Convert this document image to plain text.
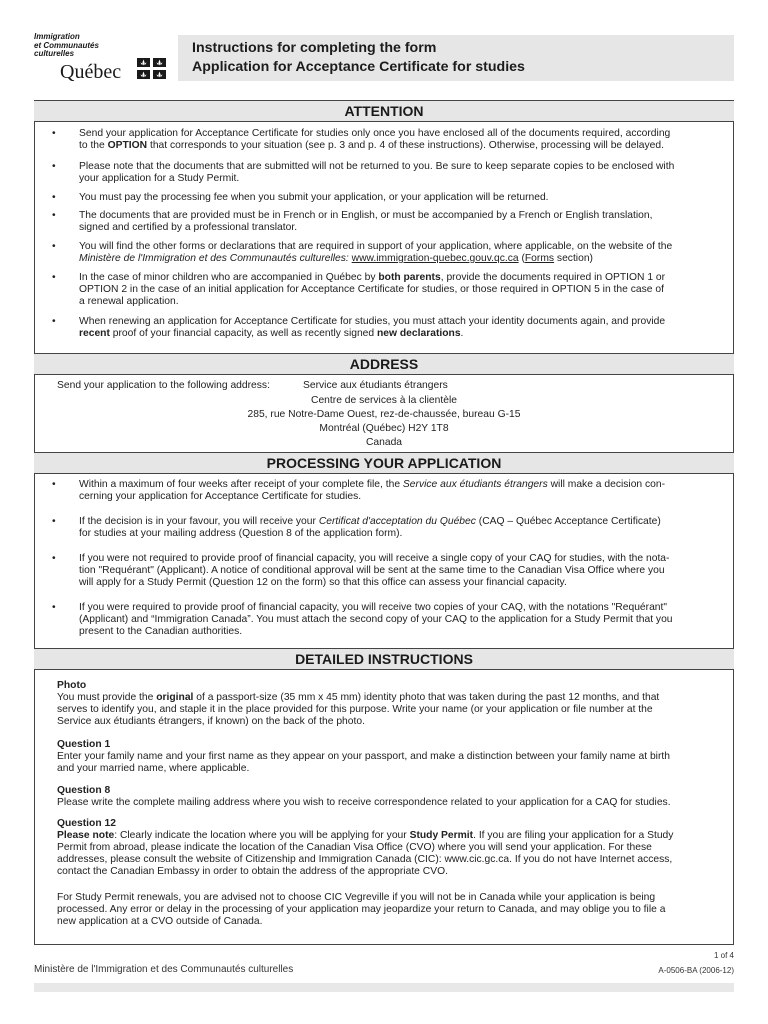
Immigration
et Communautés
culturelles
Québec
Instructions for completing the form
Application for Acceptance Certificate for studies
ATTENTION
• Send your application for Acceptance Certificate for studies only once you have enclosed all of the documents required, according
to the OPTION that corresponds to your situation (see p. 3 and p. 4 of these instructions). Otherwise, processing will be delayed.
• Please note that the documents that are submitted will not be returned to you. Be sure to keep separate copies to be enclosed with
your application for a Study Permit.
• You must pay the processing fee when you submit your application, or your application will be returned.
• The documents that are provided must be in French or in English, or must be accompanied by a French or English translation,
signed and certified by a professional translator.
• You will find the other forms or declarations that are required in support of your application, where applicable, on the website of the
Ministère de l'Immigration et des Communautés culturelles: www.immigration-quebec.gouv.qc.ca (Forms section)
• In the case of minor children who are accompanied in Québec by both parents, provide the documents required in OPTION 1 or
OPTION 2 in the case of an initial application for Acceptance Certificate for studies, or those required in OPTION 5 in the case of
a renewal application.
• When renewing an application for Acceptance Certificate for studies, you must attach your identity documents again, and provide
recent proof of your financial capacity, as well as recently signed new declarations.
ADDRESS
Send your application to the following address:	Service aux étudiants étrangers
Centre de services à la clientèle
285, rue Notre-Dame Ouest, rez-de-chaussée, bureau G-15
Montréal (Québec) H2Y 1T8
Canada
PROCESSING YOUR APPLICATION
• Within a maximum of four weeks after receipt of your complete file, the Service aux étudiants étrangers will make a decision con-
cerning your application for Acceptance Certificate for studies.
• If the decision is in your favour, you will receive your Certificat d'acceptation du Québec (CAQ – Québec Acceptance Certificate)
for studies at your mailing address (Question 8 of the application form).
• If you were not required to provide proof of financial capacity, you will receive a single copy of your CAQ for studies, with the nota-
tion "Requérant" (Applicant). A notice of conditional approval will be sent at the same time to the Canadian Visa Office where you
will apply for a Study Permit (Question 12 on the form) so that this office can assess your financial capacity.
• If you were required to provide proof of financial capacity, you will receive two copies of your CAQ, with the notations "Requérant"
(Applicant) and “Immigration Canada”. You must attach the second copy of your CAQ to the application for a Study Permit that you
present to the Canadian authorities.
DETAILED INSTRUCTIONS
Photo
You must provide the original of a passport-size (35 mm x 45 mm) identity photo that was taken during the past 12 months, and that
serves to identify you, and staple it in the place provided for this purpose. Write your name (or your application or file number at the
Service aux étudiants étrangers, if known) on the back of the photo.
Question 1
Enter your family name and your first name as they appear on your passport, and make a distinction between your family name at birth
and your married name, where applicable.
Question 8
Please write the complete mailing address where you wish to receive correspondence related to your application for a CAQ for studies.
Question 12
Please note: Clearly indicate the location where you will be applying for your Study Permit. If you are filing your application for a Study
Permit from abroad, please indicate the location of the Canadian Visa Office (CVO) where you will send your application. For these
addresses, please consult the website of Citizenship and Immigration Canada (CIC): www.cic.gc.ca. If you do not have Internet access,
contact the Canadian Embassy in order to obtain the address of the appropriate CVO.
For Study Permit renewals, you are advised not to choose CIC Vegreville if you will not be in Canada while your application is being
processed. Any error or delay in the processing of your application may jeopardize your return to Canada, and may oblige you to file a
new application at a CVO outside of Canada.
1 of 4
Ministère de l'Immigration et des Communautés culturelles	A-0506-BA (2006-12)
